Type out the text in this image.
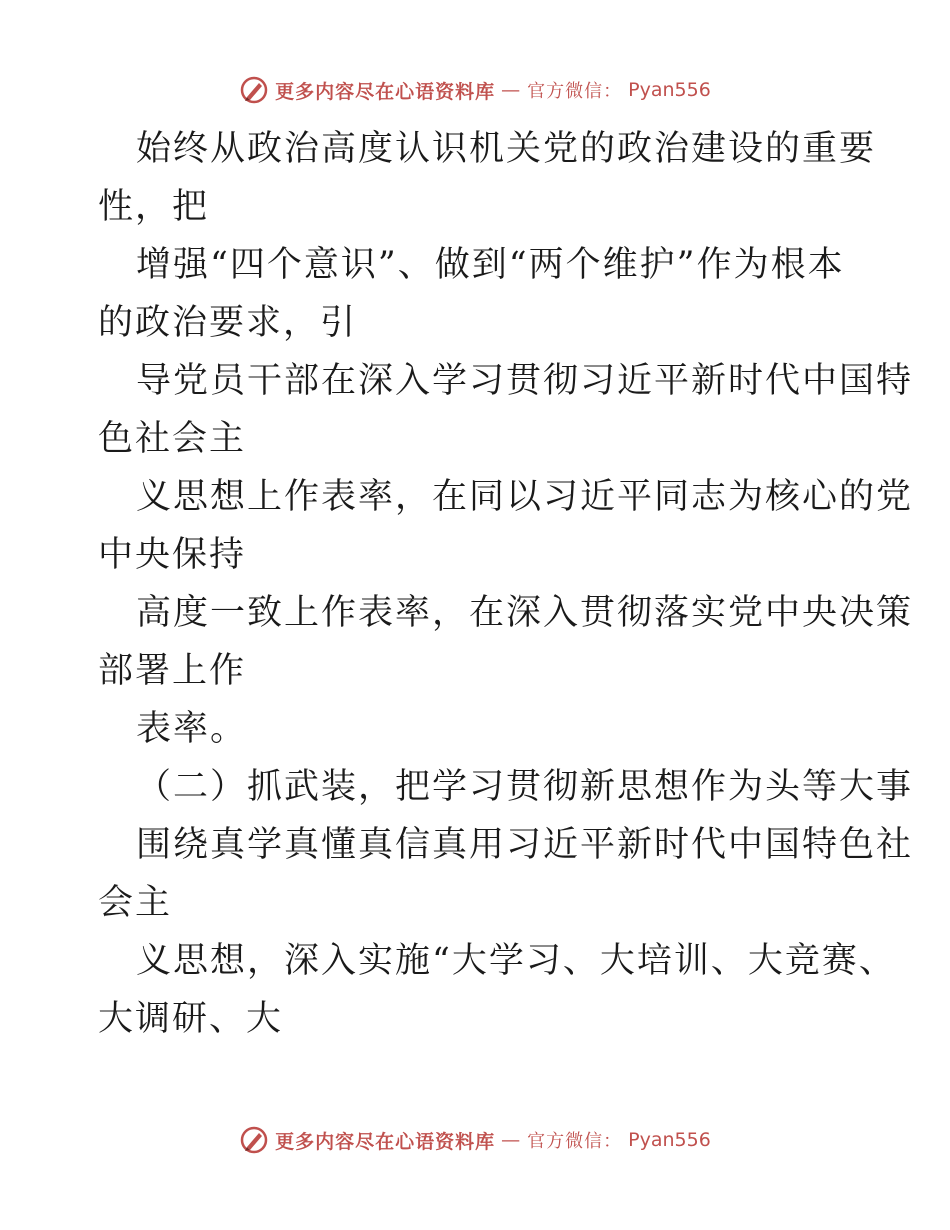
更多内容尽在心语资料库 — 官方微信： Pyan556
始终从政治高度认识机关党的政治建设的重要
性，把
增强“四个意识”、做到“两个维护”作为根本
的政治要求，引
导党员干部在深入学习贯彻习近平新时代中国特
色社会主
义思想上作表率，在同以习近平同志为核心的党
中央保持
高度一致上作表率，在深入贯彻落实党中央决策
部署上作
表率。
（二）抓武装，把学习贯彻新思想作为头等大事
围绕真学真懂真信真用习近平新时代中国特色社
会主
义思想，深入实施“大学习、大培训、大竞赛、
大调研、大
更多内容尽在心语资料库 — 官方微信： Pyan556
